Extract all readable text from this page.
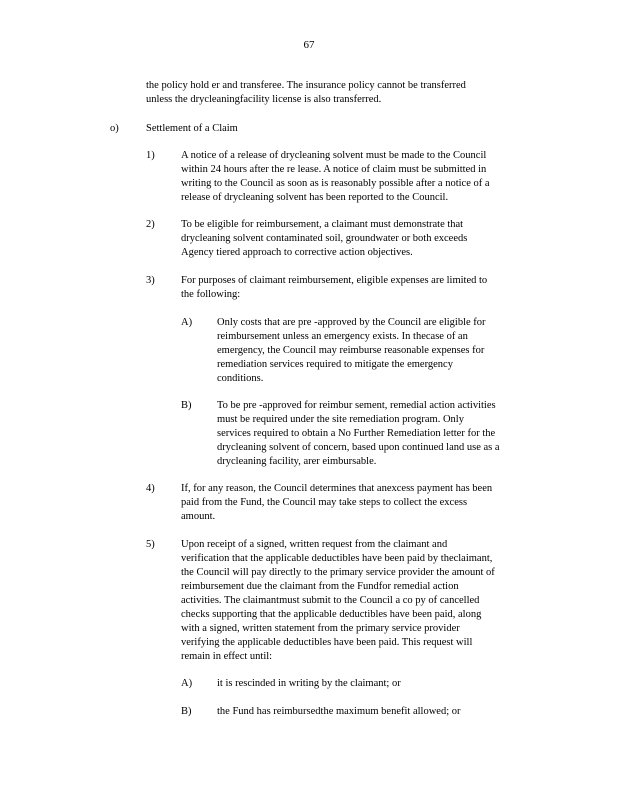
67
the policy hold er and transferee. The insurance policy cannot be transferred
unless the drycleaningfacility license is also transferred.
o)	Settlement of a Claim
1)	A notice of a release of drycleaning solvent must be made to the Council
within 24 hours after the re lease. A notice of claim must be submitted in
writing to the Council as soon as is reasonably possible after a notice of a
release of drycleaning solvent has been reported to the Council.
2)	To be eligible for reimbursement, a claimant must demonstrate that
drycleaning solvent contaminated soil, groundwater or both exceeds
Agency tiered approach to corrective action objectives.
3)	For purposes of claimant reimbursement, eligible expenses are limited to
the following:
A) Only costs that are pre -approved by the Council are eligible for
reimbursement unless an emergency exists. In thecase of an
emergency, the Council may reimburse reasonable expenses for
remediation services required to mitigate the emergency
conditions.
B) To be pre -approved for reimbur sement, remedial action activities
must be required under the site remediation program. Only
services required to obtain a No Further Remediation letter for the
drycleaning solvent of concern, based upon continued land use as a
drycleaning facility, arer eimbursable.
4)	If, for any reason, the Council determines that anexcess payment has been
paid from the Fund, the Council may take steps to collect the excess
amount.
5)	Upon receipt of a signed, written request from the claimant and
verification that the applicable deductibles have been paid by theclaimant,
the Council will pay directly to the primary service provider the amount of
reimbursement due the claimant from the Fundfor remedial action
activities. The claimantmust submit to the Council a co py of cancelled
checks supporting that the applicable deductibles have been paid, along
with a signed, written statement from the primary service provider
verifying the applicable deductibles have been paid. This request will
remain in effect until:
A) it is rescinded in writing by the claimant; or
B) the Fund has reimbursedthe maximum benefit allowed; or
